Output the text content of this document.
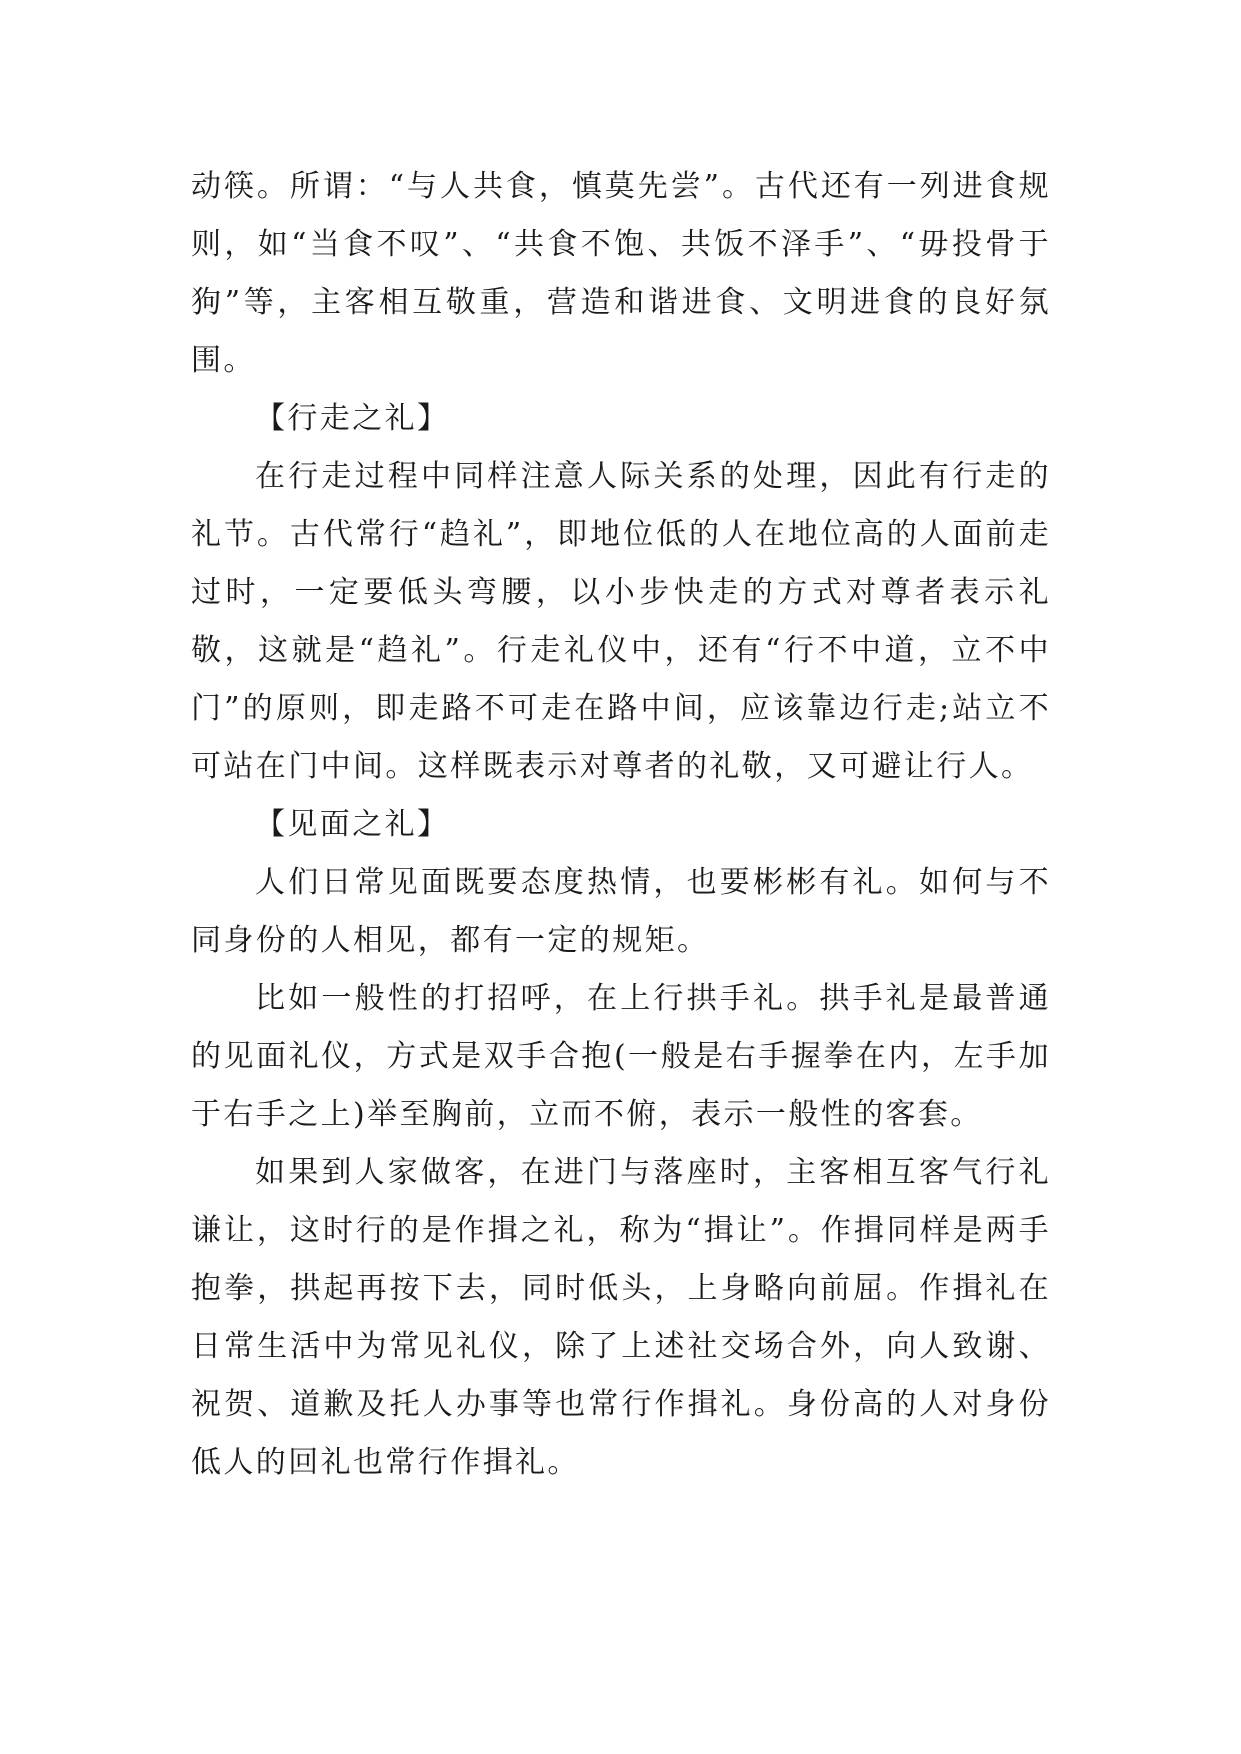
动筷。所谓：“与人共食，慎莫先尝”。古代还有一列进食规则，如“当食不叹”、“共食不饱、共饭不泽手”、“毋投骨于狗”等，主客相互敬重，营造和谐进食、文明进食的良好氛围。

【行走之礼】

在行走过程中同样注意人际关系的处理，因此有行走的礼节。古代常行“趋礼”，即地位低的人在地位高的人面前走过时，一定要低头弯腰，以小步快走的方式对尊者表示礼敬，这就是“趋礼”。行走礼仪中，还有“行不中道，立不中门”的原则，即走路不可走在路中间，应该靠边行走;站立不可站在门中间。这样既表示对尊者的礼敬，又可避让行人。

【见面之礼】

人们日常见面既要态度热情，也要彬彬有礼。如何与不同身份的人相见，都有一定的规矩。

比如一般性的打招呼，在上行拱手礼。拱手礼是最普通的见面礼仪，方式是双手合抱(一般是右手握拳在内，左手加于右手之上)举至胸前，立而不俯，表示一般性的客套。

如果到人家做客，在进门与落座时，主客相互客气行礼谦让，这时行的是作揖之礼，称为“揖让”。作揖同样是两手抱拳，拱起再按下去，同时低头，上身略向前屈。作揖礼在日常生活中为常见礼仪，除了上述社交场合外，向人致谢、祝贺、道歉及托人办事等也常行作揖礼。身份高的人对身份低人的回礼也常行作揖礼。
